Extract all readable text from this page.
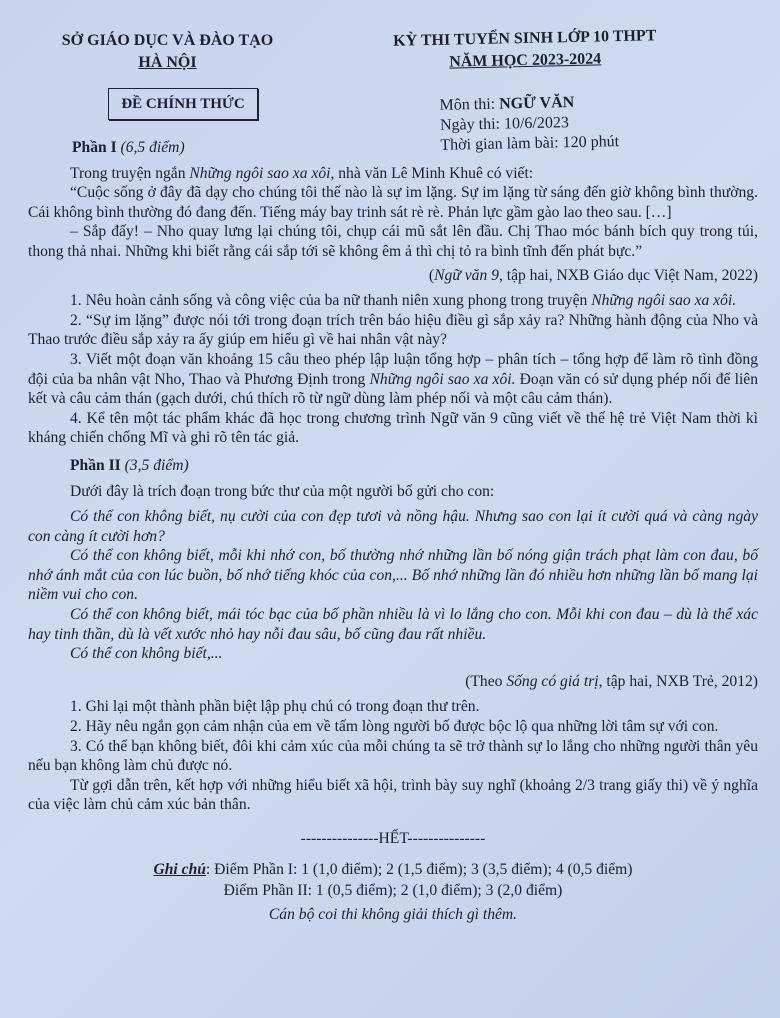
SỞ GIÁO DỤC VÀ ĐÀO TẠO
HÀ NỘI
ĐỀ CHÍNH THỨC
KỲ THI TUYỂN SINH LỚP 10 THPT
NĂM HỌC 2023-2024
Môn thi: NGỮ VĂN
Ngày thi: 10/6/2023
Thời gian làm bài: 120 phút

Phần I (6,5 điểm)

Trong truyện ngắn Những ngôi sao xa xôi, nhà văn Lê Minh Khuê có viết:

“Cuộc sống ở đây đã dạy cho chúng tôi thế nào là sự im lặng. Sự im lặng từ sáng đến giờ không bình thường. Cái không bình thường đó đang đến. Tiếng máy bay trinh sát rè rè. Phản lực gầm gào lao theo sau. […]

– Sắp đấy! – Nho quay lưng lại chúng tôi, chụp cái mũ sắt lên đầu. Chị Thao móc bánh bích quy trong túi, thong thả nhai. Những khi biết rằng cái sắp tới sẽ không êm ả thì chị tỏ ra bình tĩnh đến phát bực.”

(Ngữ văn 9, tập hai, NXB Giáo dục Việt Nam, 2022)

1. Nêu hoàn cảnh sống và công việc của ba nữ thanh niên xung phong trong truyện Những ngôi sao xa xôi.

2. “Sự im lặng” được nói tới trong đoạn trích trên báo hiệu điều gì sắp xảy ra? Những hành động của Nho và Thao trước điều sắp xảy ra ấy giúp em hiểu gì về hai nhân vật này?

3. Viết một đoạn văn khoảng 15 câu theo phép lập luận tổng hợp – phân tích – tổng hợp để làm rõ tình đồng đội của ba nhân vật Nho, Thao và Phương Định trong Những ngôi sao xa xôi. Đoạn văn có sử dụng phép nối để liên kết và câu cảm thán (gạch dưới, chú thích rõ từ ngữ dùng làm phép nối và một câu cảm thán).

4. Kể tên một tác phẩm khác đã học trong chương trình Ngữ văn 9 cũng viết về thế hệ trẻ Việt Nam thời kì kháng chiến chống Mĩ và ghi rõ tên tác giả.

Phần II (3,5 điểm)

Dưới đây là trích đoạn trong bức thư của một người bố gửi cho con:

Có thể con không biết, nụ cười của con đẹp tươi và nồng hậu. Nhưng sao con lại ít cười quá và càng ngày con càng ít cười hơn?

Có thể con không biết, mỗi khi nhớ con, bố thường nhớ những lần bố nóng giận trách phạt làm con đau, bố nhớ ánh mắt của con lúc buồn, bố nhớ tiếng khóc của con,... Bố nhớ những lần đó nhiều hơn những lần bố mang lại niềm vui cho con.

Có thể con không biết, mái tóc bạc của bố phần nhiều là vì lo lắng cho con. Mỗi khi con đau – dù là thể xác hay tinh thần, dù là vết xước nhỏ hay nỗi đau sâu, bố cũng đau rất nhiều.

Có thể con không biết,...

(Theo Sống có giá trị, tập hai, NXB Trẻ, 2012)

1. Ghi lại một thành phần biệt lập phụ chú có trong đoạn thư trên.

2. Hãy nêu ngắn gọn cảm nhận của em về tấm lòng người bố được bộc lộ qua những lời tâm sự với con.

3. Có thể bạn không biết, đôi khi cảm xúc của mỗi chúng ta sẽ trở thành sự lo lắng cho những người thân yêu nếu bạn không làm chủ được nó.

Từ gợi dẫn trên, kết hợp với những hiểu biết xã hội, trình bày suy nghĩ (khoảng 2/3 trang giấy thi) về ý nghĩa của việc làm chủ cảm xúc bản thân.

---------------HẾT---------------

Ghi chú: Điểm Phần I: 1 (1,0 điểm); 2 (1,5 điểm); 3 (3,5 điểm); 4 (0,5 điểm)
Điểm Phần II: 1 (0,5 điểm); 2 (1,0 điểm); 3 (2,0 điểm)
Cán bộ coi thi không giải thích gì thêm.
